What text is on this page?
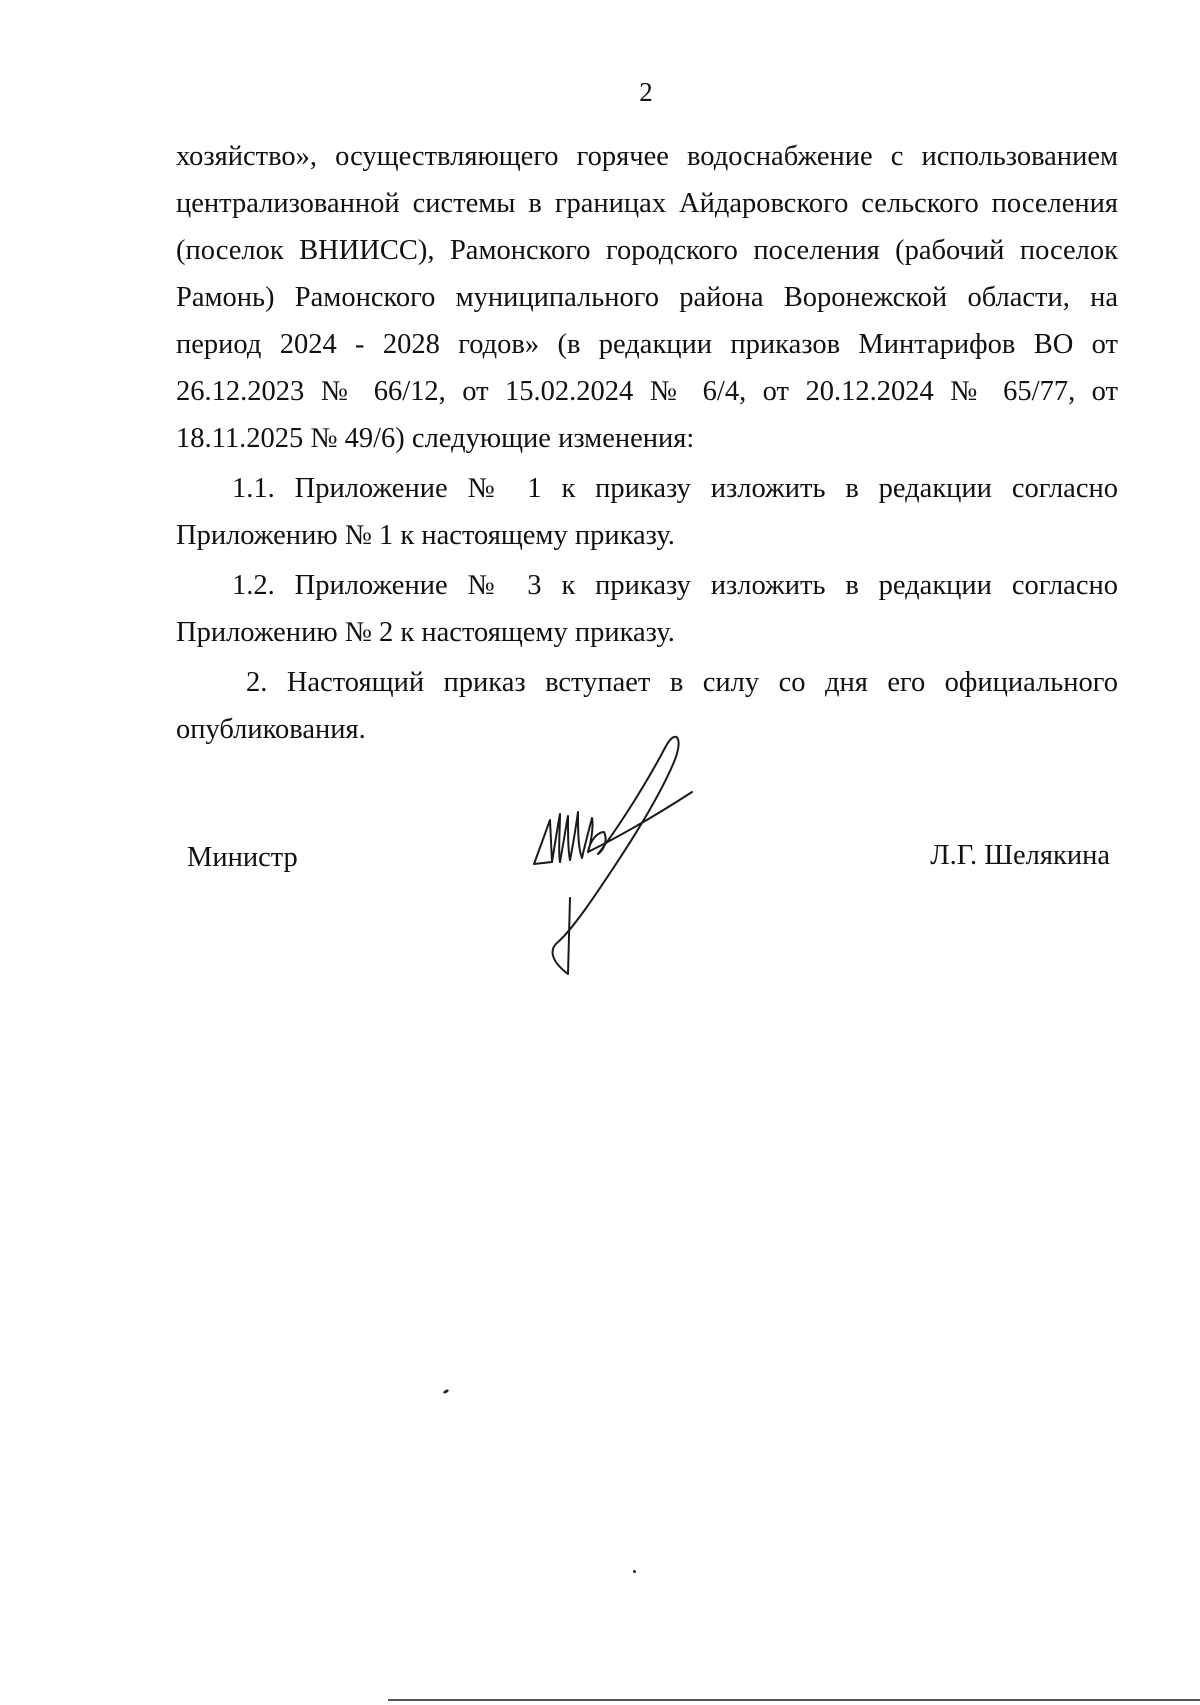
2

хозяйство», осуществляющего горячее водоснабжение с использованием централизованной системы в границах Айдаровского сельского поселения (поселок ВНИИСС), Рамонского городского поселения (рабочий поселок Рамонь) Рамонского муниципального района Воронежской области, на период 2024 - 2028 годов» (в редакции приказов Минтарифов ВО от 26.12.2023 № 66/12, от 15.02.2024 № 6/4, от 20.12.2024 № 65/77, от 18.11.2025 № 49/6) следующие изменения:

1.1. Приложение № 1 к приказу изложить в редакции согласно Приложению № 1 к настоящему приказу.

1.2. Приложение № 3 к приказу изложить в редакции согласно Приложению № 2 к настоящему приказу.

2. Настоящий приказ вступает в силу со дня его официального опубликования.

Министр	Л.Г. Шелякина
